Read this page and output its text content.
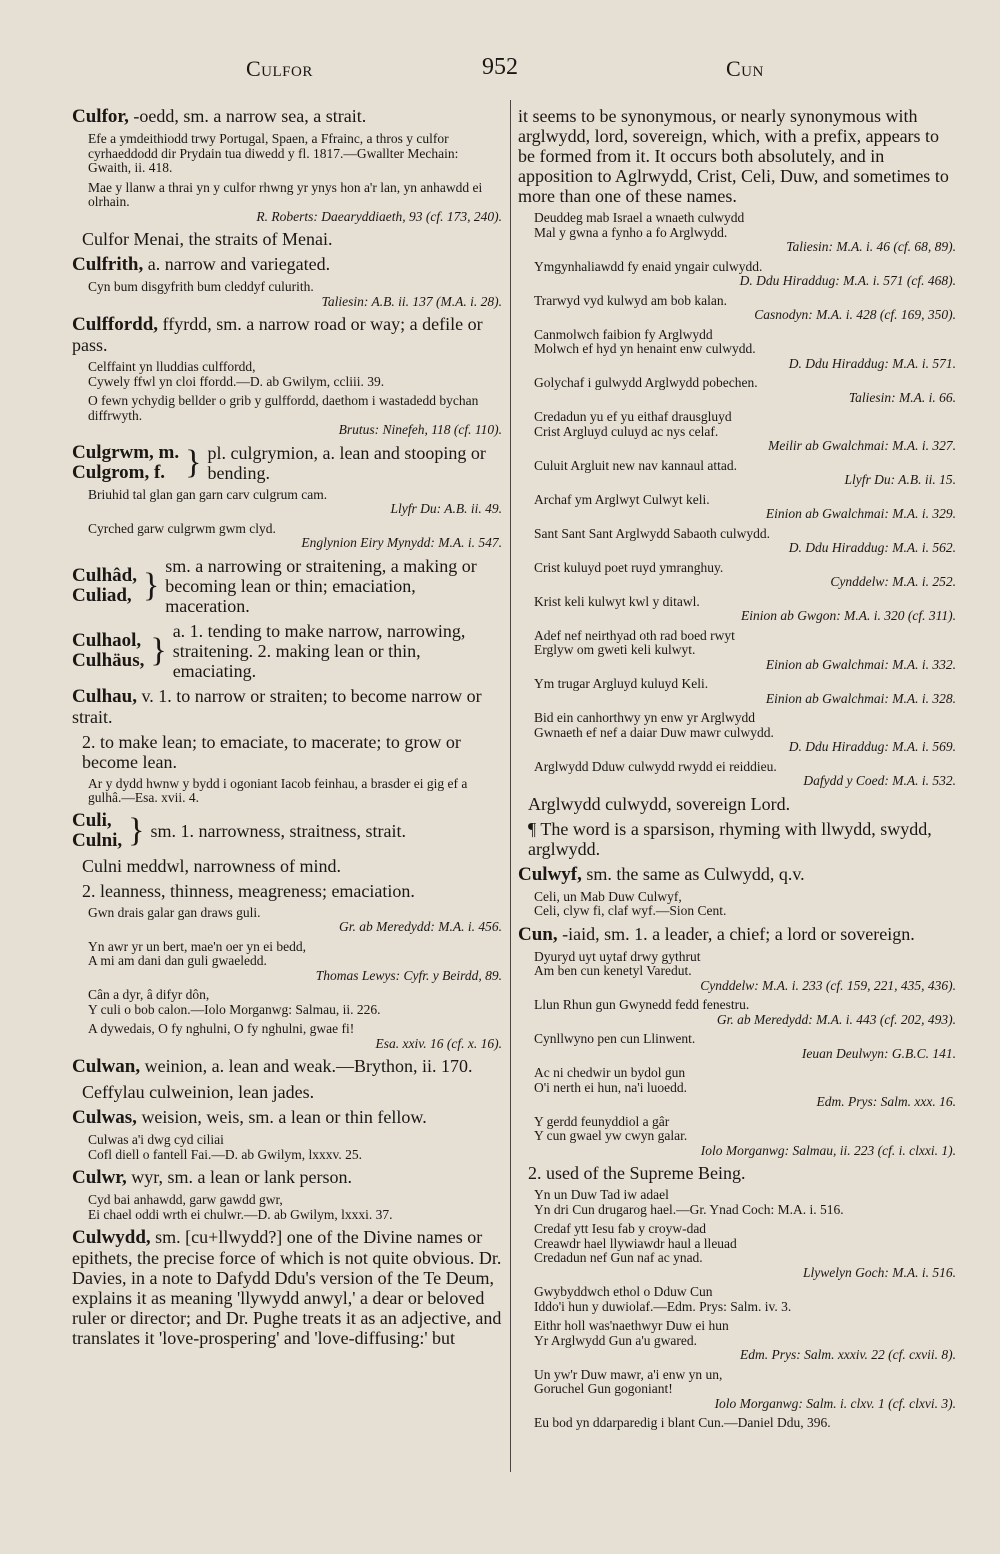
Culfor	952	Cun
Culfor, -oedd, sm. a narrow sea, a strait.
Efe a ymdeithiodd trwy Portugal, Spaen, a Ffrainc, a thros y culfor cyrhaeddodd dir Prydain tua diwedd y fl. 1817.—Gwallter Mechain: Gwaith, ii. 418.
Mae y llanw a thrai yn y culfor rhwng yr ynys hon a'r lan, yn anhawdd ei olrhain.
R. Roberts: Daearyddiaeth, 93 (cf. 173, 240).
Culfor Menai, the straits of Menai.
Culfrith, a. narrow and variegated.
Cyn bum disgyfrith bum cleddyf culurith.
Taliesin: A.B. ii. 137 (M.A. i. 28).
Culffordd, ffyrdd, sm. a narrow road or way; a defile or pass.
Celffaint yn lluddias culffordd,
Cywely ffwl yn cloi ffordd.—D. ab Gwilym, ccliii. 39.
O fewn ychydig bellder o grib y gulffordd, daethom i wastadedd bychan diffrwyth.
Brutus: Ninefeh, 118 (cf. 110).
Culgrwm, m.
Culgrom, f. } pl. culgrymion, a. lean and stooping or bending.
Briuhid tal glan gan garn carv culgrum cam.
Llyfr Du: A.B. ii. 49.
Cyrched garw culgrwm gwm clyd.
Englynion Eiry Mynydd: M.A. i. 547.
Culhâd,
Culiad, }
sm. a narrowing or straitening, a making or becoming lean or thin; emaciation, maceration.
Culhaol,
Culhäus, }
a. 1. tending to make narrow, narrowing, straitening. 2. making lean or thin, emaciating.
Culhau, v. 1. to narrow or straiten; to become narrow or strait.
2. to make lean; to emaciate, to macerate; to grow or become lean.
Ar y dydd hwnw y bydd i ogoniant Iacob feinhau, a brasder ei gig ef a gulhâ.—Esa. xvii. 4.
Culi,
Culni, } sm. 1. narrowness, straitness, strait.
Culni meddwl, narrowness of mind.
2. leanness, thinness, meagreness; emaciation.
Gwn drais galar gan draws guli.
Gr. ab Meredydd: M.A. i. 456.
Yn awr yr un bert, mae'n oer yn ei bedd,
A mi am dani dan guli gwaeledd.
Thomas Lewys: Cyfr. y Beirdd, 89.
Cân a dyr, â difyr dôn,
Y culi o bob calon.—Iolo Morganwg: Salmau, ii. 226.
A dywedais, O fy nghulni, O fy nghulni, gwae fi!
Esa. xxiv. 16 (cf. x. 16).
Culwan, weinion, a. lean and weak.—Brython, ii. 170.
Ceffylau culweinion, lean jades.
Culwas, weision, weis, sm. a lean or thin fellow.
Culwas a'i dwg cyd ciliai
Cofl diell o fantell Fai.—D. ab Gwilym, lxxxv. 25.
Culwr, wyr, sm. a lean or lank person.
Cyd bai anhawdd, garw gawdd gwr,
Ei chael oddi wrth ei chulwr.—D. ab Gwilym, lxxxi. 37.
Culwydd, sm. [cu+llwydd?] one of the Divine names or epithets, the precise force of which is not quite obvious. Dr. Davies, in a note to Dafydd Ddu's version of the Te Deum, explains it as meaning 'llywydd anwyl,' a dear or beloved ruler or director; and Dr. Pughe treats it as an adjective, and translates it 'love-prospering' and 'love-diffusing:' but
it seems to be synonymous, or nearly synonymous with arglwydd, lord, sovereign, which, with a prefix, appears to be formed from it. It occurs both absolutely, and in apposition to Aglrwydd, Crist, Celi, Duw, and sometimes to more than one of these names.
Deuddeg mab Israel a wnaeth culwydd
Mal y gwna a fynho a fo Arglwydd.
Taliesin: M.A. i. 46 (cf. 68, 89).
Ymgynhaliawdd fy enaid yngair culwydd.
D. Ddu Hiraddug: M.A. i. 571 (cf. 468).
Trarwyd vyd kulwyd am bob kalan.
Casnodyn: M.A. i. 428 (cf. 169, 350).
Canmolwch faibion fy Arglwydd
Molwch ef hyd yn henaint enw culwydd.
D. Ddu Hiraddug: M.A. i. 571.
Golychaf i gulwydd Arglwydd pobechen.
Taliesin: M.A. i. 66.
Credadun yu ef yu eithaf drausgluyd
Crist Argluyd culuyd ac nys celaf.
Meilir ab Gwalchmai: M.A. i. 327.
Culuit Argluit new nav kannaul attad.
Llyfr Du: A.B. ii. 15.
Archaf ym Arglwyt Culwyt keli.
Einion ab Gwalchmai: M.A. i. 329.
Sant Sant Sant Arglwydd Sabaoth culwydd.
D. Ddu Hiraddug: M.A. i. 562.
Crist kuluyd poet ruyd ymranghuy.
Cynddelw: M.A. i. 252.
Krist keli kulwyt kwl y ditawl.
Einion ab Gwgon: M.A. i. 320 (cf. 311).
Adef nef neirthyad oth rad boed rwyt
Erglyw om gweti keli kulwyt.
Einion ab Gwalchmai: M.A. i. 332.
Ym trugar Argluyd kuluyd Keli.
Einion ab Gwalchmai: M.A. i. 328.
Bid ein canhorthwy yn enw yr Arglwydd
Gwnaeth ef nef a daiar Duw mawr culwydd.
D. Ddu Hiraddug: M.A. i. 569.
Arglwydd Dduw culwydd rwydd ei reiddieu.
Dafydd y Coed: M.A. i. 532.
Arglwydd culwydd, sovereign Lord.
¶ The word is a sparsison, rhyming with llwydd, swydd, arglwydd.
Culwyf, sm. the same as Culwydd, q.v.
Celi, un Mab Duw Culwyf,
Celi, clyw fi, claf wyf.—Sion Cent.
Cun, -iaid, sm. 1. a leader, a chief; a lord or sovereign.
Dyuryd uyt uytaf drwy gythrut
Am ben cun kenetyl Varedut.
Cynddelw: M.A. i. 233 (cf. 159, 221, 435, 436).
Llun Rhun gun Gwynedd fedd fenestru.
Gr. ab Meredydd: M.A. i. 443 (cf. 202, 493).
Cynllwyno pen cun Llinwent.
Ieuan Deulwyn: G.B.C. 141.
Ac ni chedwir un bydol gun
O'i nerth ei hun, na'i luoedd.
Edm. Prys: Salm. xxx. 16.
Y gerdd feunyddiol a gâr
Y cun gwael yw cwyn galar.
Iolo Morganwg: Salmau, ii. 223 (cf. i. clxxi. 1).
2. used of the Supreme Being.
Yn un Duw Tad iw adael
Yn dri Cun drugarog hael.—Gr. Ynad Coch: M.A. i. 516.
Credaf ytt Iesu fab y croyw-dad
Creawdr hael llywiawdr haul a lleuad
Credadun nef Gun naf ac ynad.
Llywelyn Goch: M.A. i. 516.
Gwybyddwch ethol o Dduw Cun
Iddo'i hun y duwiolaf.—Edm. Prys: Salm. iv. 3.
Eithr holl was'naethwyr Duw ei hun
Yr Arglwydd Gun a'u gwared.
Edm. Prys: Salm. xxxiv. 22 (cf. cxvii. 8).
Un yw'r Duw mawr, a'i enw yn un,
Goruchel Gun gogoniant!
Iolo Morganwg: Salm. i. clxv. 1 (cf. clxvi. 3).
Eu bod yn ddarparedig i blant Cun.—Daniel Ddu, 396.
